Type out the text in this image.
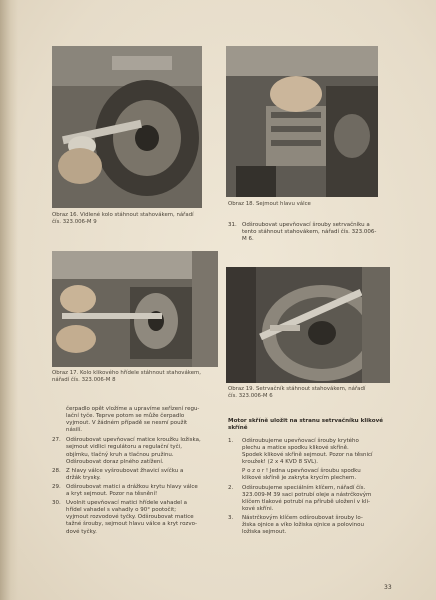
Obraz 16. Vidlené kolo stáhnout stahovákem, nářadí
čís. 323.006-M 9
Obraz 18. Sejmout hlavu válce
31. Odšroubovat upevňovací šrouby setrvačníku a
tento stáhnout stahovákem, nářadí čís. 323.006-
M 6.
Obraz 17. Kolo klikového hřídele stáhnout stahovákem,
nářadí čís. 323.006-M 8
Obraz 19. Setrvačník stáhnout stahovákem, nářadí
čís. 323.006-M 6
čerpadlo opět vložíme a upravíme seřízení regu-
lační tyče. Teprve potom se může čerpadlo
vyjmout. V žádném případě se nesmí použít
násilí.
27. Odšroubovat upevňovací matice kroužku ložiska,
sejmout vidlici regulátoru a regulační tyči,
objímku, tlačný kruh a tlačnou pružinu.
Odšroubovat doraz plného zatížení.
28. Z hlavy válce vyšroubovat žhavicí svíčku a
držák trysky.
29. Odšroubovat matici a drážkou krytu hlavy válce
a kryt sejmout. Pozor na těsnění!
30. Uvolnit upevňovací matici hřídele vahadel a
hřídel vahadel s vahadly o 90° pootočit;
vyjmout rozvodové tyčky. Odšroubovat matice
tažné šrouby, sejmout hlavu válce a kryt rozvo-
dové tyčky.
Motor skříně uložit na stranu setrvačníku klikové
skříně
1. Odšroubujeme upevňovací šrouby krytého
plechu a matice spodku klikové skříně.
Spodek klikové skříně sejmout. Pozor na těsnicí
kroužek! (2 x 4 KVD 8 SVL).
P o z o r ! Jedna upevňovací šroubu spodku
klikové skříně je zakryta krycím plechem.
2. Odšroubujeme speciálním klíčem, nářadí čís.
323.009-M 39 saci potrubí oleje a nástrčkovým
klíčem tlakové potrubí na přírubě uložení v kli-
kové skříni.
3. Nástrčkovým klíčem odšroubovat šrouby lo-
žiska ojnice a víko ložiska ojnice a polovinou
ložiska sejmout.
33
